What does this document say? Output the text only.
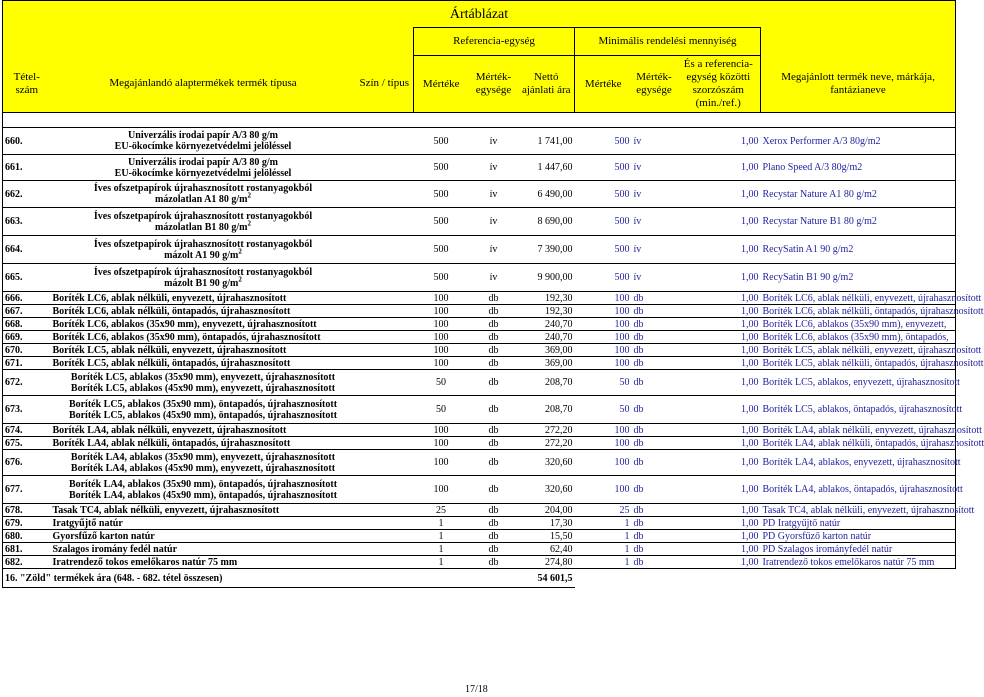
Ártáblázat									
			Referencia-egység			Minimális rendelési mennyiség			
Tétel-szám	Megajánlandó alaptermékek termék típusa	Szín / típus	Mértéke	Mérték-egysége	Nettó ajánlati ára	Mértéke	Mérték-egysége	És a referencia-egység közötti szorzószám (min./ref.)	Megajánlott termék neve, márkája, fantázianeve

660.	Univerzális irodai papír A/3 80 g/m
EU-ökocímke környezetvédelmi jelöléssel		500	ív	1 741,00	500	ív	1,00	Xerox Performer A/3 80g/m2
661.	Univerzális irodai papír A/3 80 g/m
EU-ökocímke környezetvédelmi jelöléssel		500	ív	1 447,60	500	ív	1,00	Plano Speed A/3 80g/m2
662.	Íves ofszetpapírok újrahasznosított rostanyagokból
mázolatlan A1 80 $g/m^2$		500	ív	6 490,00	500	ív	1,00	Recystar Nature A1 80 g/m2
663.	Íves ofszetpapírok újrahasznosított rostanyagokból
mázolatlan B1 80 $g/m^2$		500	ív	8 690,00	500	ív	1,00	Recystar Nature B1 80 g/m2
664.	Íves ofszetpapírok újrahasznosított rostanyagokból
mázolt A1 90 $g/m^2$		500	ív	7 390,00	500	ív	1,00	RecySatin A1 90 g/m2
665.	Íves ofszetpapírok újrahasznosított rostanyagokból
mázolt B1 90 $g/m^2$		500	ív	9 900,00	500	ív	1,00	RecySatin B1 90 g/m2
666.	Boríték LC6, ablak nélküli, enyvezett, újrahasznosított		100	db	192,30	100	db	1,00	Boríték LC6, ablak nélküli, enyvezett, újrahasznosított
667.	Boríték LC6, ablak nélküli, öntapadós, újrahasznosított		100	db	192,30	100	db	1,00	Boríték LC6, ablak nélküli, öntapadós, újrahasznosított
668.	Boríték LC6, ablakos (35x90 mm), enyvezett, újrahasznosított		100	db	240,70	100	db	1,00	Boríték LC6, ablakos (35x90 mm), enyvezett,
669.	Boríték LC6, ablakos (35x90 mm), öntapadós, újrahasznosított		100	db	240,70	100	db	1,00	Boríték LC6, ablakos (35x90 mm), öntapadós,
670.	Boríték LC5, ablak nélküli, enyvezett, újrahasznosított		100	db	369,00	100	db	1,00	Boríték LC5, ablak nélküli, enyvezett, újrahasznosított
671.	Boríték LC5, ablak nélküli, öntapadós, újrahasznosított		100	db	369,00	100	db	1,00	Boríték LC5, ablak nélküli, öntapadós, újrahasznosított
672.	Boríték LC5, ablakos (35x90 mm), enyvezett, újrahasznosított
Boríték LC5, ablakos (45x90 mm), enyvezett, újrahasznosított		50	db	208,70	50	db	1,00	Boríték LC5, ablakos, enyvezett, újrahasznosított
673.	Boríték LC5, ablakos (35x90 mm), öntapadós, újrahasznosított
Boríték LC5, ablakos (45x90 mm), öntapadós, újrahasznosított		50	db	208,70	50	db	1,00	Boríték LC5, ablakos, öntapadós, újrahasznosított
674.	Boríték LA4, ablak nélküli, enyvezett, újrahasznosított		100	db	272,20	100	db	1,00	Boríték LA4, ablak nélküli, enyvezett, újrahasznosított
675.	Boríték LA4, ablak nélküli, öntapadós, újrahasznosított		100	db	272,20	100	db	1,00	Boríték LA4, ablak nélküli, öntapadós, újrahasznosított
676.	Boríték LA4, ablakos (35x90 mm), enyvezett, újrahasznosított
Boríték LA4, ablakos (45x90 mm), enyvezett, újrahasznosított		100	db	320,60	100	db	1,00	Boríték LA4, ablakos, enyvezett, újrahasznosított
677.	Boríték LA4, ablakos (35x90 mm), öntapadós, újrahasznosított
Boríték LA4, ablakos (45x90 mm), öntapadós, újrahasznosított		100	db	320,60	100	db	1,00	Boríték LA4, ablakos, öntapadós, újrahasznosított
678.	Tasak TC4, ablak nélküli, enyvezett, újrahasznosított		25	db	204,00	25	db	1,00	Tasak TC4, ablak nélküli, enyvezett, újrahasznosított
679.	Iratgyűjtő natúr		1	db	17,30	1	db	1,00	PD Iratgyűjtő natúr
680.	Gyorsfűző karton natúr		1	db	15,50	1	db	1,00	PD Gyorsfűző karton natúr
681.	Szalagos iromány fedél natúr		1	db	62,40	1	db	1,00	PD Szalagos irományfedél natúr
682.	Iratrendező tokos emelőkaros natúr 75 mm		1	db	274,80	1	db	1,00	Iratrendező tokos emelőkaros natúr 75 mm
16. "Zöld" termékek ára (648. - 682. tétel összesen)			54 601,5						
17/18
